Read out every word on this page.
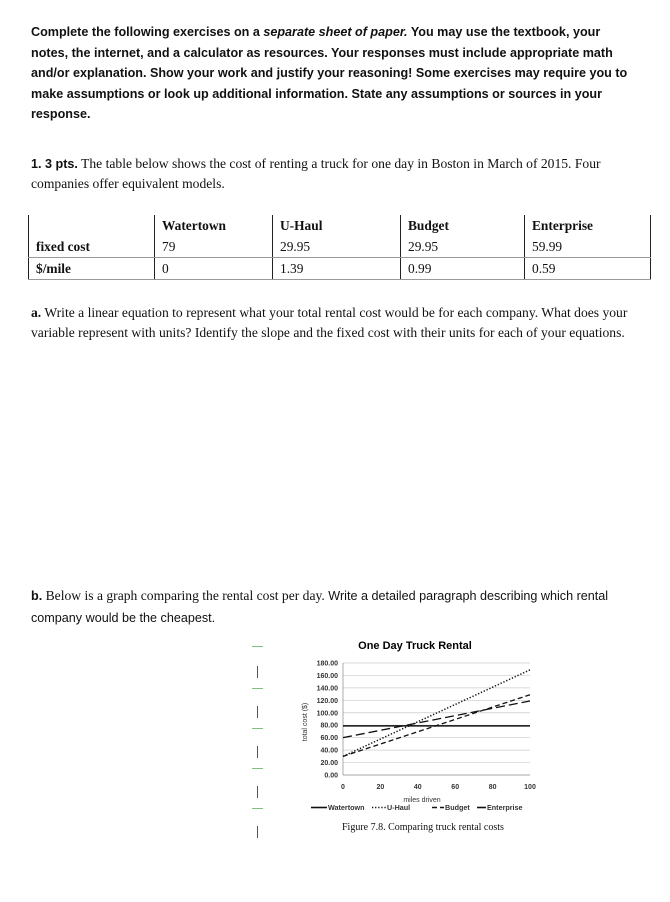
Complete the following exercises on a separate sheet of paper. You may use the textbook, your notes, the internet, and a calculator as resources. Your responses must include appropriate math and/or explanation. Show your work and justify your reasoning! Some exercises may require you to make assumptions or look up additional information. State any assumptions or sources in your response.
1. 3 pts. The table below shows the cost of renting a truck for one day in Boston in March of 2015. Four companies offer equivalent models.
	Watertown	U-Haul	Budget	Enterprise
fixed cost	79	29.95	29.95	59.99
$/mile	0	1.39	0.99	0.59
a. Write a linear equation to represent what your total rental cost would be for each company. What does your variable represent with units? Identify the slope and the fixed cost with their units for each of your equations.
b. Below is a graph comparing the rental cost per day. Write a detailed paragraph describing which rental company would be the cheapest.
One Day Truck Rental
0.00
20.00
40.00
60.00
80.00
100.00
120.00
140.00
160.00
180.00
0	20	40	60	80	100
total cost ($)
miles driven
Watertown	U-Haul	Budget Enterprise
Figure 7.8. Comparing truck rental costs
